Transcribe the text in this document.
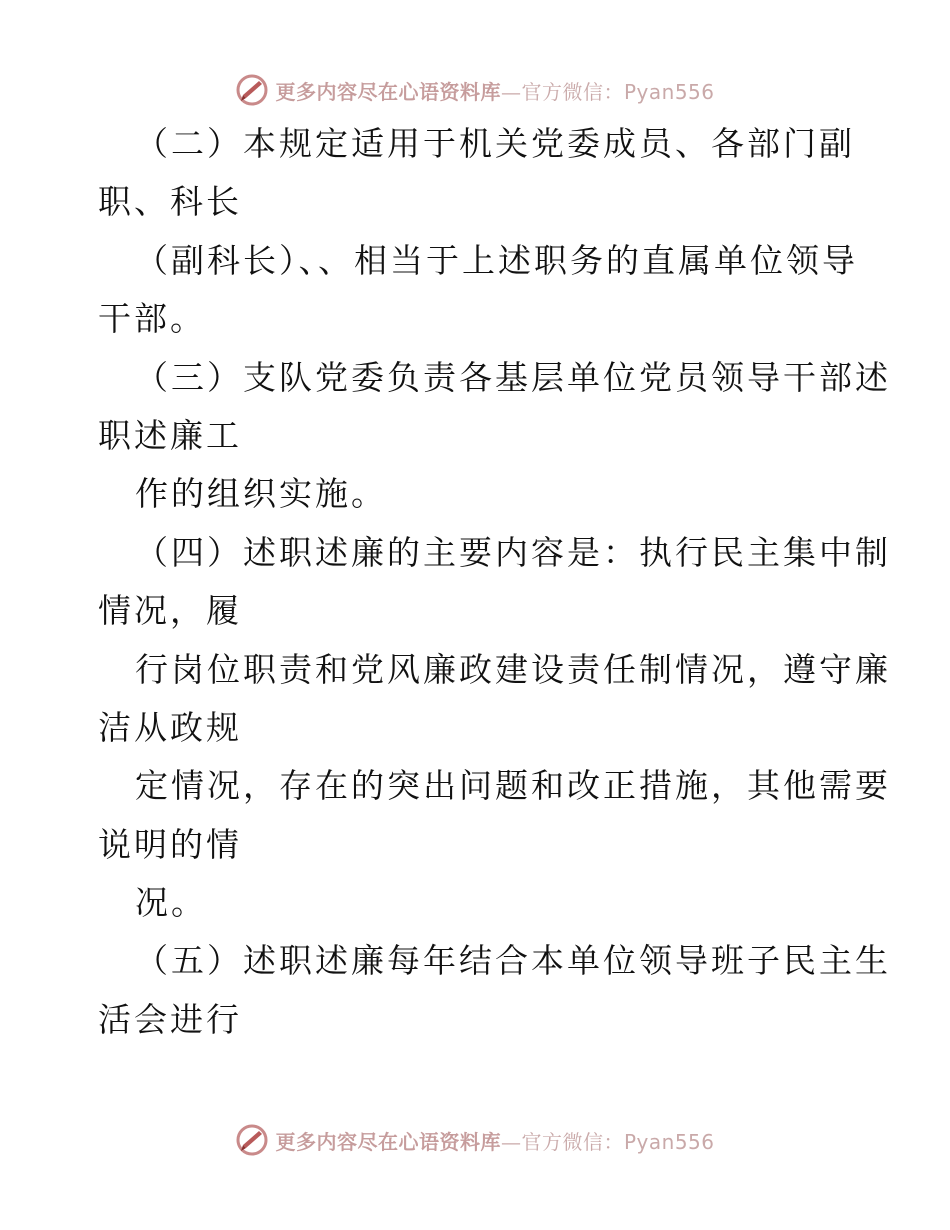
更多内容尽在心语资料库—官方微信：Pyan556
（二）本规定适用于机关党委成员、各部门副
职、科长
（副科长）、、相当于上述职务的直属单位领导
干部。
（三）支队党委负责各基层单位党员领导干部述
职述廉工
作的组织实施。
（四）述职述廉的主要内容是：执行民主集中制
情况，履
行岗位职责和党风廉政建设责任制情况，遵守廉
洁从政规
定情况，存在的突出问题和改正措施，其他需要
说明的情
况。
（五）述职述廉每年结合本单位领导班子民主生
活会进行
更多内容尽在心语资料库—官方微信：Pyan556
